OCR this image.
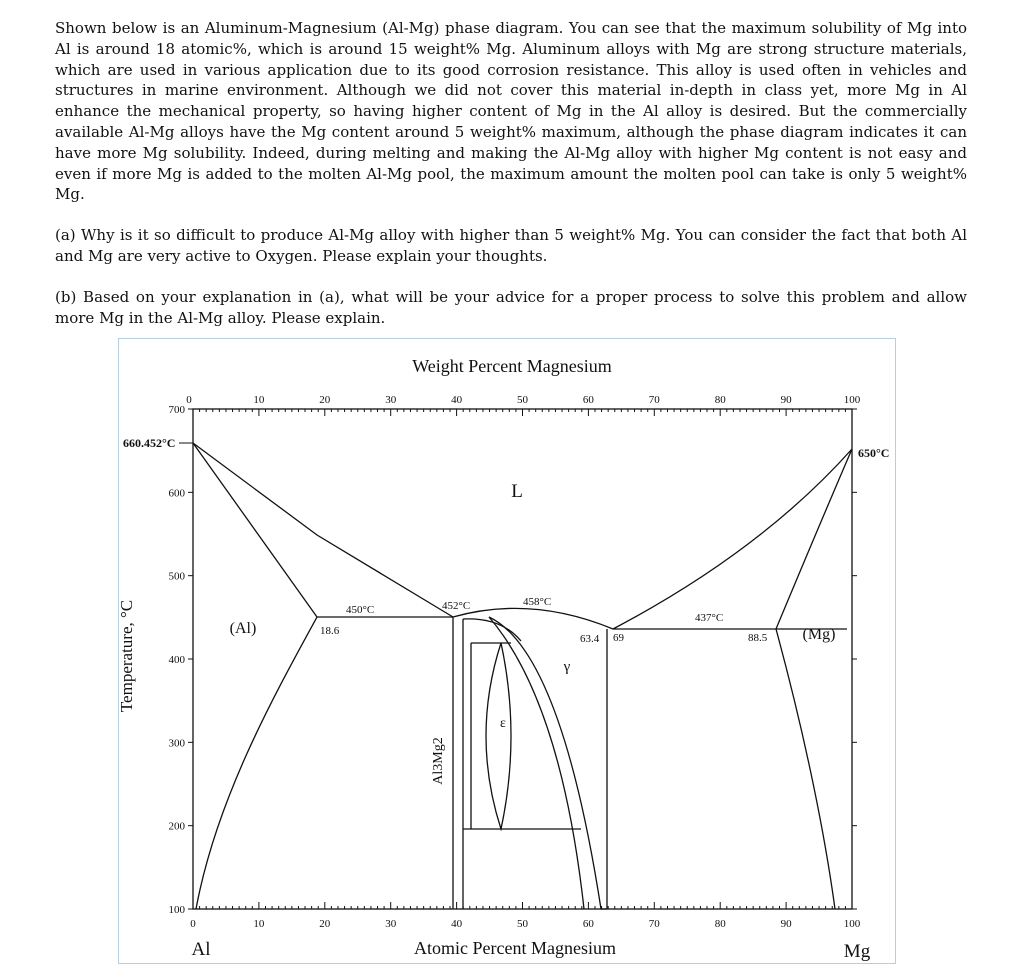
Shown below is an Aluminum-Magnesium (Al-Mg) phase diagram. You can see that the maximum solubility of Mg into Al is around 18 atomic%, which is around 15 weight% Mg. Aluminum alloys with Mg are strong structure materials, which are used in various application due to its good corrosion resistance. This alloy is used often in vehicles and structures in marine environment. Although we did not cover this material in-depth in class yet, more Mg in Al enhance the mechanical property, so having higher content of Mg in the Al alloy is desired. But the commercially available Al-Mg alloys have the Mg content around 5 weight% maximum, although the phase diagram indicates it can have more Mg solubility. Indeed, during melting and making the Al-Mg alloy with higher Mg content is not easy and even if more Mg is added to the molten Al-Mg pool, the maximum amount the molten pool can take is only 5 weight% Mg.

(a) Why is it so difficult to produce Al-Mg alloy with higher than 5 weight% Mg. You can consider the fact that both Al and Mg are very active to Oxygen. Please explain your thoughts.

(b) Based on your explanation in (a), what will be your advice for a proper process to solve this problem and allow more Mg in the Al-Mg alloy. Please explain.

0	10	20	30	40	50	60	70	80	90	100
0	10	20	30	40	50	60	70	80	90	100
100
200
300
400
500
600
700
Weight Percent Magnesium
Atomic Percent Magnesium
Temperature, °C
Al	Mg
660.452°C
650°C
L
(Al)	(Mg)
γ
ε
Al3Mg2
450°C	452°C	458°C
437°C
18.6
63.4 69	88.5
